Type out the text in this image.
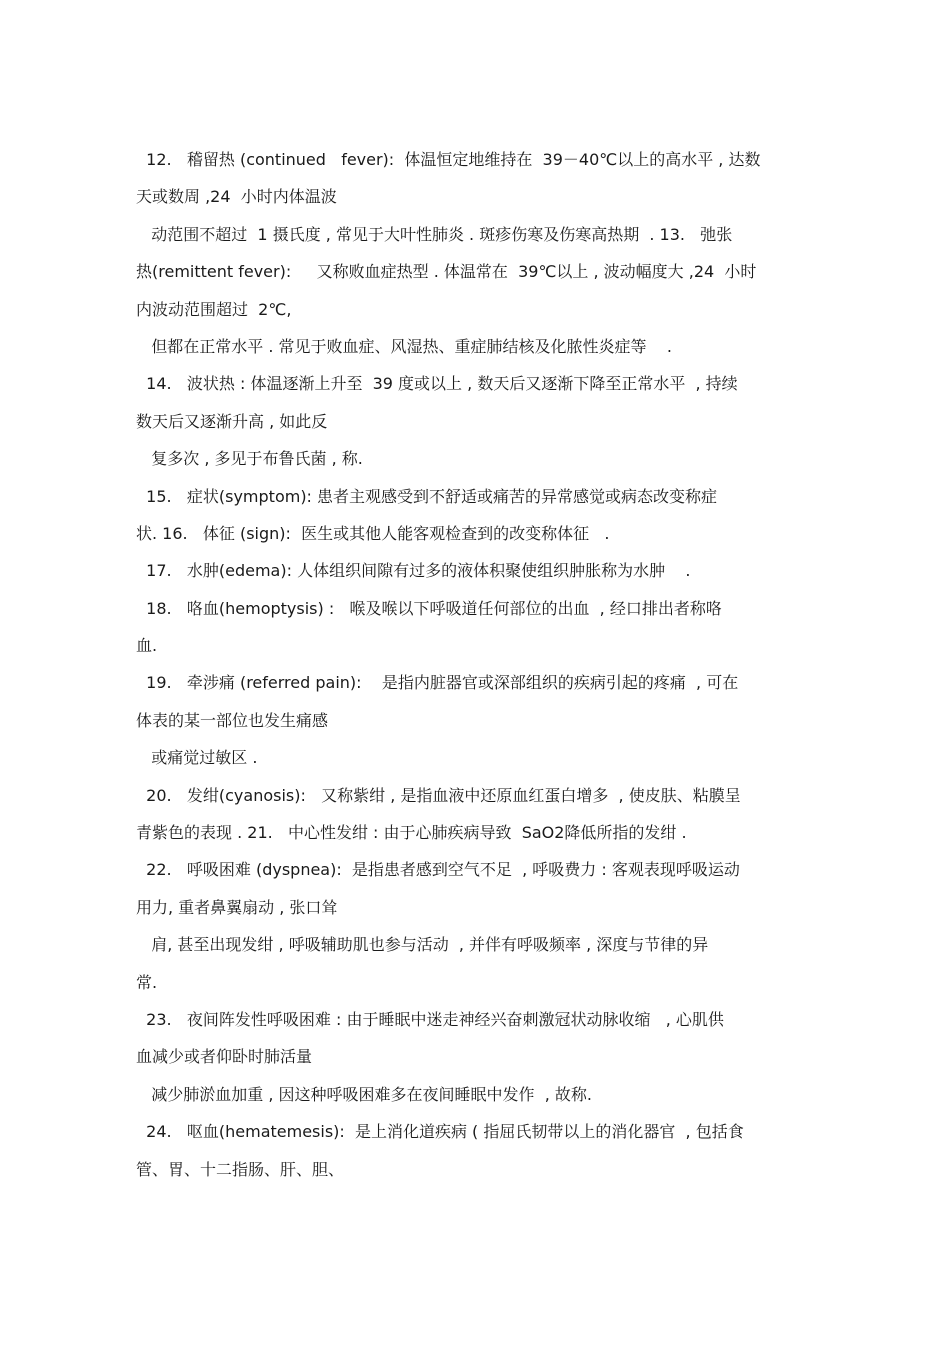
12.   稽留热 (continued   fever):  体温恒定地维持在  39－40℃以上的高水平 , 达数
天或数周 ,24  小时内体温波
动范围不超过  1 摄氏度 , 常见于大叶性肺炎 . 斑疹伤寒及伤寒高热期  . 13.   弛张
热(remittent fever):     又称败血症热型 . 体温常在  39℃以上 , 波动幅度大 ,24  小时
内波动范围超过  2℃,
但都在正常水平 . 常见于败血症、风湿热、重症肺结核及化脓性炎症等    .
14.   波状热 : 体温逐渐上升至  39 度或以上 , 数天后又逐渐下降至正常水平  , 持续
数天后又逐渐升高 , 如此反
复多次 , 多见于布鲁氏菌 , 称.
15.   症状(symptom): 患者主观感受到不舒适或痛苦的异常感觉或病态改变称症
状. 16.   体征 (sign):  医生或其他人能客观检查到的改变称体征   .
17.   水肿(edema): 人体组织间隙有过多的液体积聚使组织肿胀称为水肿    .
18.   咯血(hemoptysis) :   喉及喉以下呼吸道任何部位的出血  , 经口排出者称咯
血.
19.   牵涉痛 (referred pain):    是指内脏器官或深部组织的疾病引起的疼痛  , 可在
体表的某一部位也发生痛感
或痛觉过敏区 .
20.   发绀(cyanosis):   又称紫绀 , 是指血液中还原血红蛋白增多  , 使皮肤、粘膜呈
青紫色的表现 . 21.   中心性发绀 : 由于心肺疾病导致  SaO2降低所指的发绀 .
22.   呼吸困难 (dyspnea):  是指患者感到空气不足  , 呼吸费力 : 客观表现呼吸运动
用力, 重者鼻翼扇动 , 张口耸
肩, 甚至出现发绀 , 呼吸辅助肌也参与活动  , 并伴有呼吸频率 , 深度与节律的异
常.
23.   夜间阵发性呼吸困难 : 由于睡眠中迷走神经兴奋刺激冠状动脉收缩   , 心肌供
血减少或者仰卧时肺活量
减少肺淤血加重 , 因这种呼吸困难多在夜间睡眠中发作  , 故称.
24.   呕血(hematemesis):  是上消化道疾病 ( 指屈氏韧带以上的消化器官  , 包括食
管、胃、十二指肠、肝、胆、
